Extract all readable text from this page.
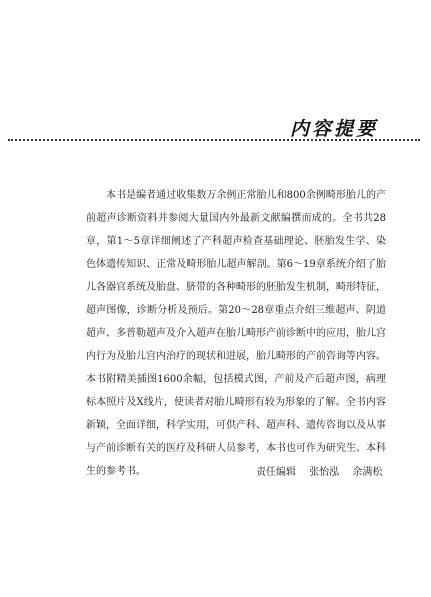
内容提要

本书是编者通过收集数万余例正常胎儿和800余例畸形胎儿的产前超声诊断资料并参阅大量国内外最新文献编撰而成的。全书共28章，第1～5章详细阐述了产科超声检查基础理论、胚胎发生学、染色体遗传知识、正常及畸形胎儿超声解剖。第6～19章系统介绍了胎儿各器官系统及胎盘、脐带的各种畸形的胚胎发生机制，畸形特征，超声图像，诊断分析及预后。第20～28章重点介绍三维超声、阴道超声、多普勒超声及介入超声在胎儿畸形产前诊断中的应用，胎儿宫内行为及胎儿宫内治疗的现状和进展，胎儿畸形的产前咨询等内容。本书附精美插图1600余幅，包括模式图，产前及产后超声图，病理标本照片及X线片，使读者对胎儿畸形有较为形象的了解。全书内容新颖，全面详细，科学实用，可供产科、超声科、遗传咨询以及从事与产前诊断有关的医疗及科研人员参考，本书也可作为研究生、本科生的参考书。	责任编辑 张怡泓 余满松
